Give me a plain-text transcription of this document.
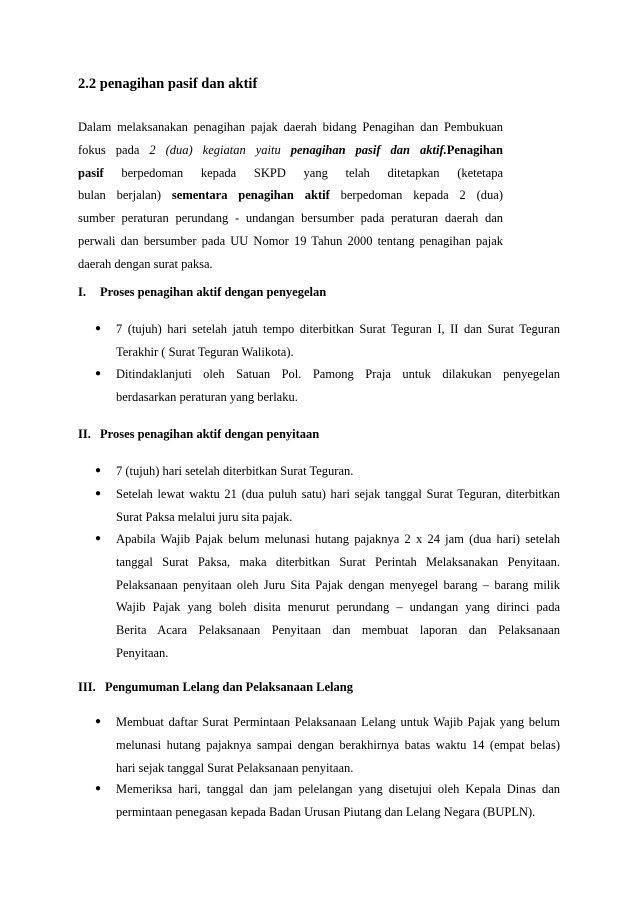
2.2 penagihan pasif dan aktif
Dalam melaksanakan penagihan pajak daerah bidang Penagihan dan Pembukuan
fokus pada 2 (dua) kegiatan yaitu penagihan pasif dan aktif.Penagihan
pasif berpedoman kepada SKPD yang telah ditetapkan (ketetapa
bulan berjalan) sementara penagihan aktif berpedoman kepada 2 (dua)
sumber peraturan perundang - undangan bersumber pada peraturan daerah dan
perwali dan bersumber pada UU Nomor 19 Tahun 2000 tentang penagihan pajak
daerah dengan surat paksa.
I. Proses penagihan aktif dengan penyegelan
● 7 (tujuh) hari setelah jatuh tempo diterbitkan Surat Teguran I, II dan Surat Teguran
Terakhir ( Surat Teguran Walikota).
● Ditindaklanjuti oleh Satuan Pol. Pamong Praja untuk dilakukan penyegelan
berdasarkan peraturan yang berlaku.
II. Proses penagihan aktif dengan penyitaan
● 7 (tujuh) hari setelah diterbitkan Surat Teguran.
● Setelah lewat waktu 21 (dua puluh satu) hari sejak tanggal Surat Teguran, diterbitkan
Surat Paksa melalui juru sita pajak.
● Apabila Wajib Pajak belum melunasi hutang pajaknya 2 x 24 jam (dua hari) setelah
tanggal Surat Paksa, maka diterbitkan Surat Perintah Melaksanakan Penyitaan.
Pelaksanaan penyitaan oleh Juru Sita Pajak dengan menyegel barang – barang milik
Wajib Pajak yang boleh disita menurut perundang – undangan yang dirinci pada
Berita Acara Pelaksanaan Penyitaan dan membuat laporan dan Pelaksanaan
Penyitaan.
III. Pengumuman Lelang dan Pelaksanaan Lelang
● Membuat daftar Surat Permintaan Pelaksanaan Lelang untuk Wajib Pajak yang belum
melunasi hutang pajaknya sampai dengan berakhirnya batas waktu 14 (empat belas)
hari sejak tanggal Surat Pelaksanaan penyitaan.
● Memeriksa hari, tanggal dan jam pelelangan yang disetujui oleh Kepala Dinas dan
permintaan penegasan kepada Badan Urusan Piutang dan Lelang Negara (BUPLN).
